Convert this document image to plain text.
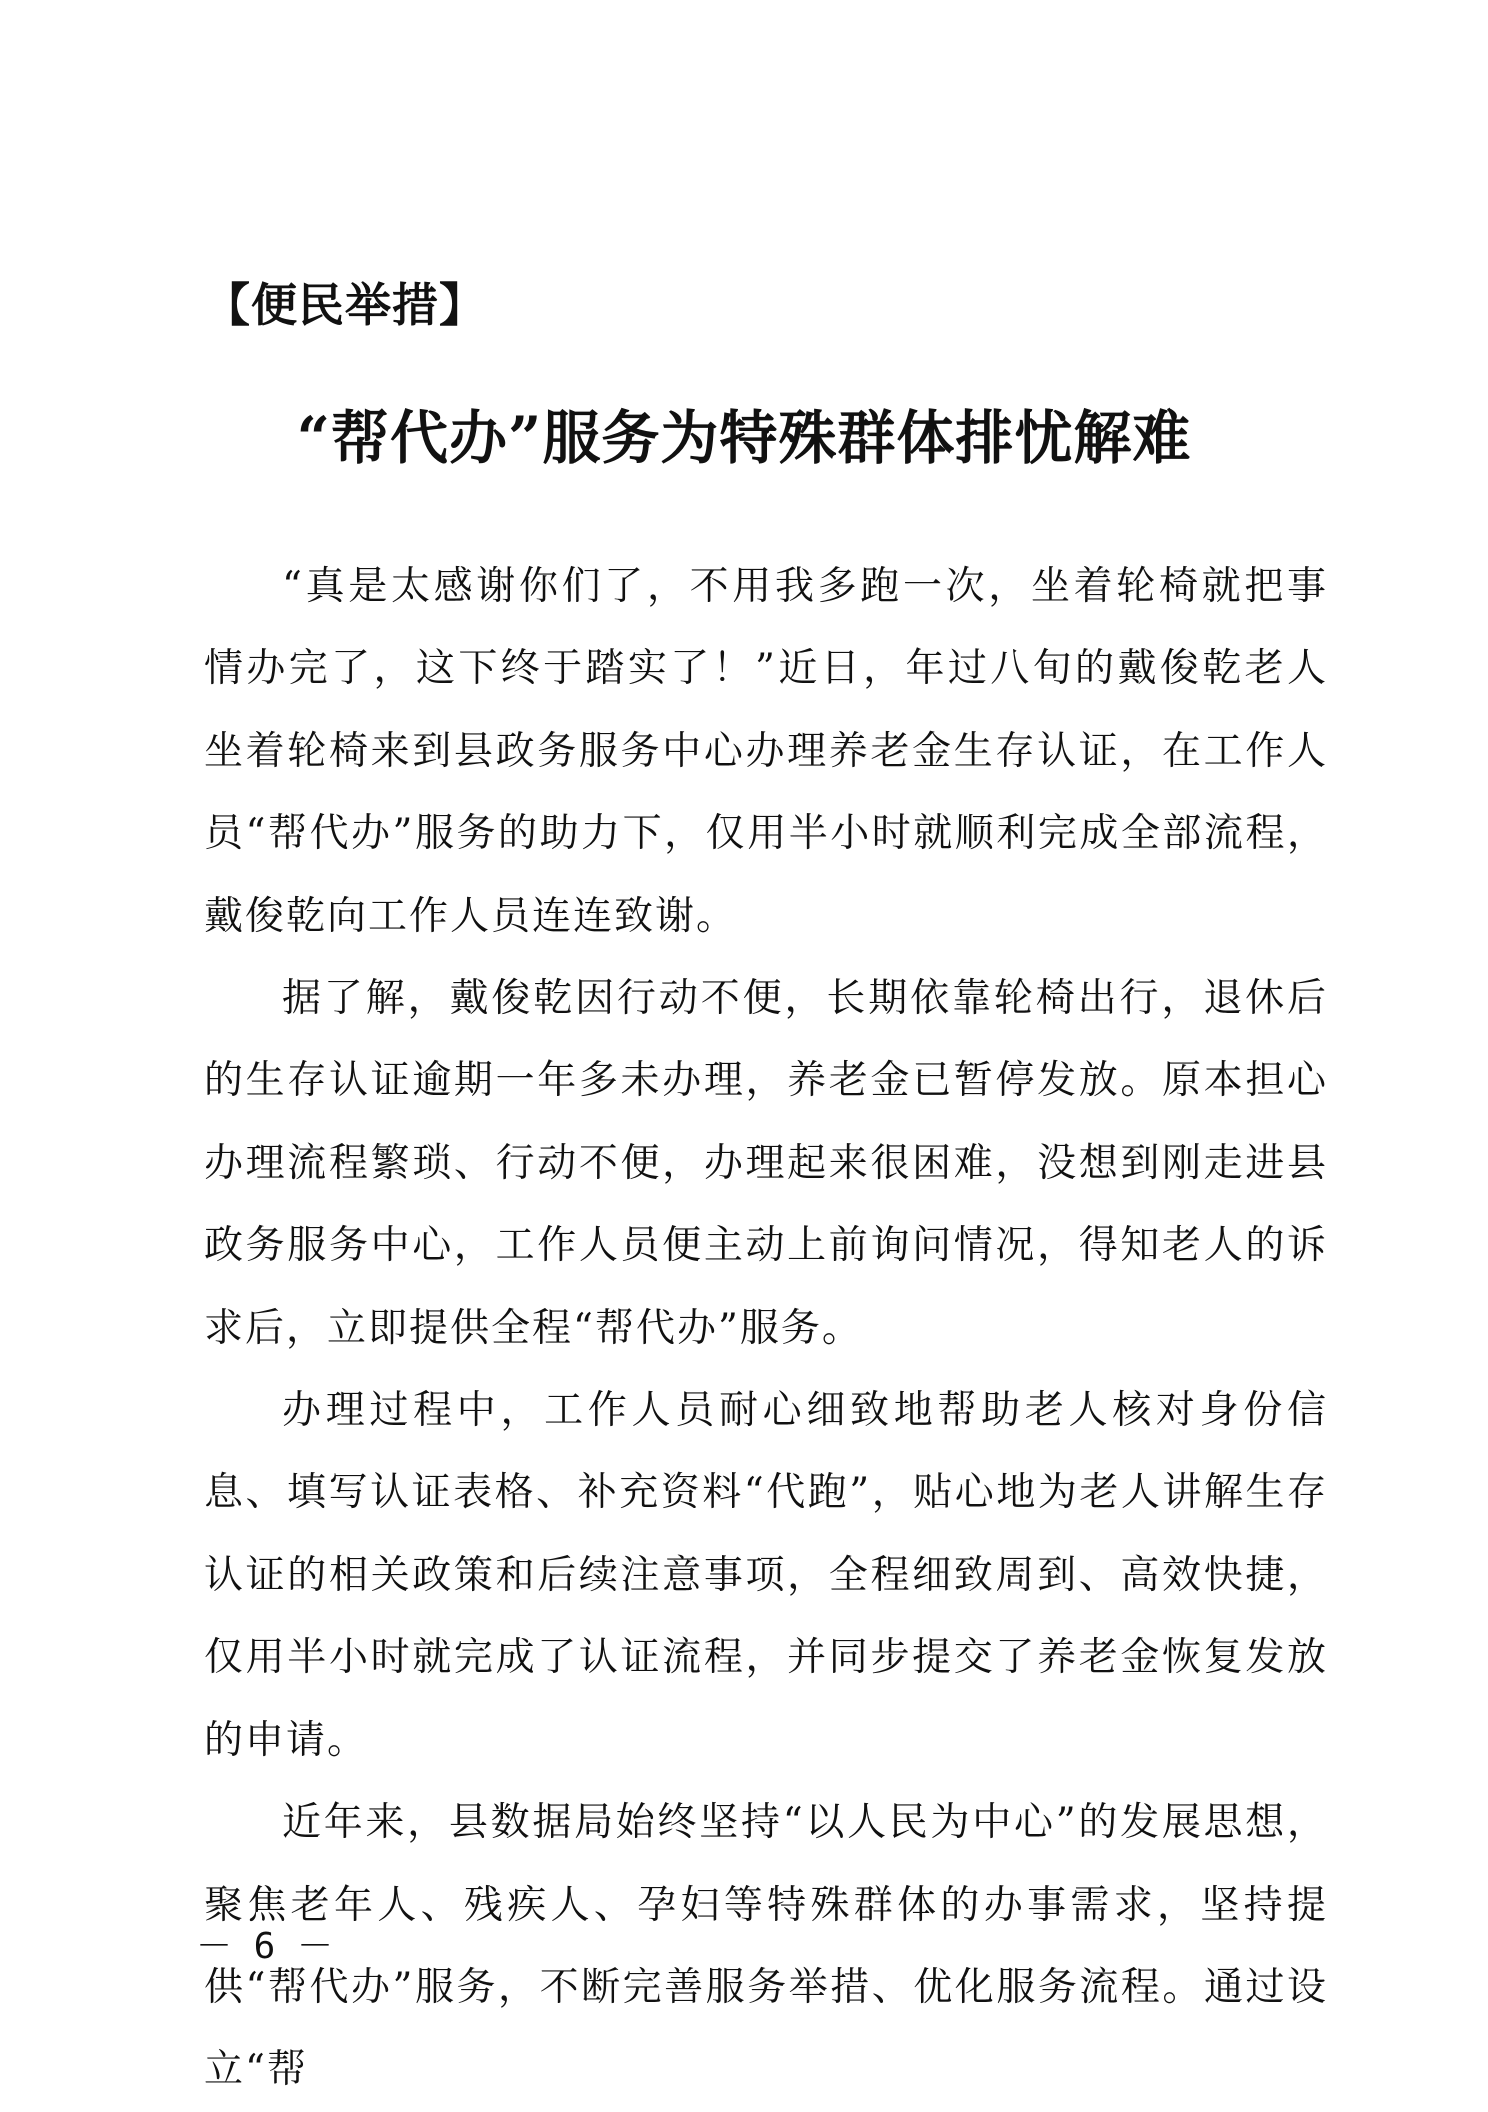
【便民举措】
“帮代办”服务为特殊群体排忧解难

“真是太感谢你们了，不用我多跑一次，坐着轮椅就把事情办完了，这下终于踏实了！”近日，年过八旬的戴俊乾老人坐着轮椅来到县政务服务中心办理养老金生存认证，在工作人员“帮代办”服务的助力下，仅用半小时就顺利完成全部流程，戴俊乾向工作人员连连致谢。

据了解，戴俊乾因行动不便，长期依靠轮椅出行，退休后的生存认证逾期一年多未办理，养老金已暂停发放。原本担心办理流程繁琐、行动不便，办理起来很困难，没想到刚走进县政务服务中心，工作人员便主动上前询问情况，得知老人的诉求后，立即提供全程“帮代办”服务。

办理过程中，工作人员耐心细致地帮助老人核对身份信息、填写认证表格、补充资料“代跑”，贴心地为老人讲解生存认证的相关政策和后续注意事项，全程细致周到、高效快捷，仅用半小时就完成了认证流程，并同步提交了养老金恢复发放的申请。

近年来，县数据局始终坚持“以人民为中心”的发展思想，聚焦老年人、残疾人、孕妇等特殊群体的办事需求，坚持提供“帮代办”服务，不断完善服务举措、优化服务流程。通过设立“帮

－ 6 －
